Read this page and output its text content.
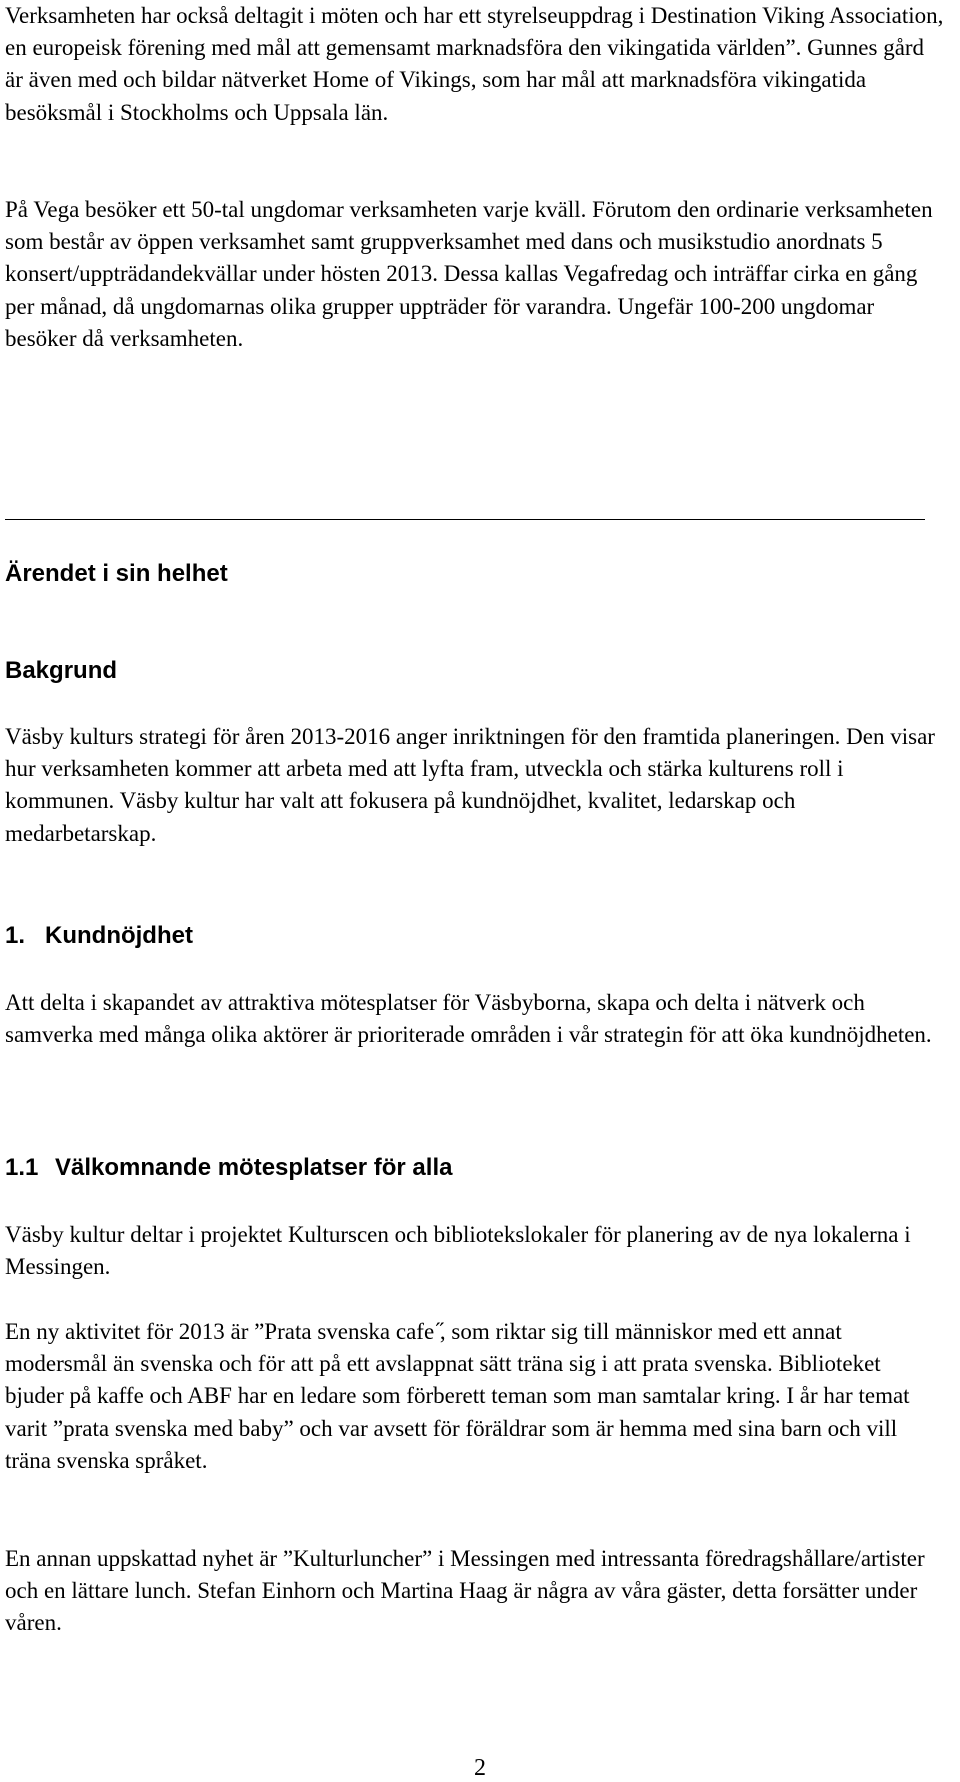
Verksamheten har också deltagit i möten och har ett styrelseuppdrag i Destination Viking Association, en europeisk förening med mål att gemensamt marknadsföra den vikingatida världen”. Gunnes gård är även med och bildar nätverket Home of Vikings, som har mål att marknadsföra vikingatida besöksmål i Stockholms och Uppsala län.

På Vega besöker ett 50-tal ungdomar verksamheten varje kväll. Förutom den ordinarie verksamheten som består av öppen verksamhet samt gruppverksamhet med dans och musikstudio anordnats 5 konsert/uppträdandekvällar under hösten 2013. Dessa kallas Vegafredag och inträffar cirka en gång per månad, då ungdomarnas olika grupper uppträder för varandra. Ungefär 100-200 ungdomar besöker då verksamheten.

Ärendet i sin helhet
Bakgrund

Väsby kulturs strategi för åren 2013-2016 anger inriktningen för den framtida planeringen. Den visar hur verksamheten kommer att arbeta med att lyfta fram, utveckla och stärka kulturens roll i kommunen. Väsby kultur har valt att fokusera på kundnöjdhet, kvalitet, ledarskap och medarbetarskap.

1. Kundnöjdhet

Att delta i skapandet av attraktiva mötesplatser för Väsbyborna, skapa och delta i nätverk och samverka med många olika aktörer är prioriterade områden i vår strategin för att öka kundnöjdheten.

1.1 Välkomnande mötesplatser för alla

Väsby kultur deltar i projektet Kulturscen och bibliotekslokaler för planering av de nya lokalerna i Messingen.

En ny aktivitet för 2013 är ”Prata svenska cafe ̋, som riktar sig till människor med ett annat modersmål än svenska och för att på ett avslappnat sätt träna sig i att prata svenska. Biblioteket bjuder på kaffe och ABF har en ledare som förberett teman som man samtalar kring. I år har temat varit ”prata svenska med baby” och var avsett för föräldrar som är hemma med sina barn och vill träna svenska språket.

En annan uppskattad nyhet är ”Kulturluncher” i Messingen med intressanta föredragshållare/artister och en lättare lunch. Stefan Einhorn och Martina Haag är några av våra gäster, detta forsätter under våren.

2
